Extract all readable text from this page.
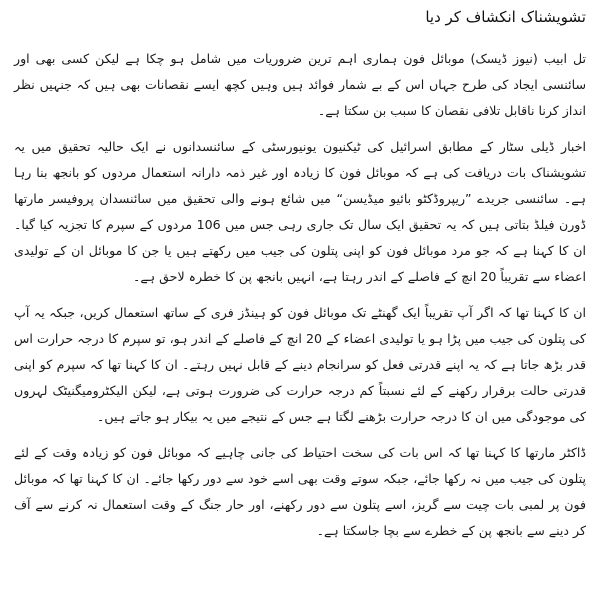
تشویشناک انکشاف کر دیا

تل ابیب (نیوز ڈیسک) موبائل فون ہماری اہم ترین ضروریات میں شامل ہو چکا ہے لیکن کسی بھی اور سائنسی ایجاد کی طرح جہاں اس کے بے شمار فوائد ہیں وہیں کچھ ایسے نقصانات بھی ہیں کہ جنہیں نظر انداز کرنا ناقابل تلافی نقصان کا سبب بن سکتا ہے۔

اخبار ڈیلی سٹار کے مطابق اسرائیل کی ٹیکنیون یونیورسٹی کے سائنسدانوں نے ایک حالیہ تحقیق میں یہ تشویشناک بات دریافت کی ہے کہ موبائل فون کا زیادہ اور غیر ذمہ دارانہ استعمال مردوں کو بانجھ بنا رہا ہے۔ سائنسی جریدے ”ریپروڈکٹو بائیو میڈیسن“ میں شائع ہونے والی تحقیق میں سائنسدان پروفیسر مارتھا ڈورن فیلڈ بتاتی ہیں کہ یہ تحقیق ایک سال تک جاری رہی جس میں 106 مردوں کے سپرم کا تجزیہ کیا گیا۔ ان کا کہنا ہے کہ جو مرد موبائل فون کو اپنی پتلون کی جیب میں رکھتے ہیں یا جن کا موبائل ان کے تولیدی اعضاء سے تقریباً 20 انچ کے فاصلے کے اندر رہتا ہے، انہیں بانجھ پن کا خطرہ لاحق ہے۔

ان کا کہنا تھا کہ اگر آپ تقریباً ایک گھنٹے تک موبائل فون کو ہینڈز فری کے ساتھ استعمال کریں، جبکہ یہ آپ کی پتلون کی جیب میں پڑا ہو یا تولیدی اعضاء کے 20 انچ کے فاصلے کے اندر ہو، تو سپرم کا درجہ حرارت اس قدر بڑھ جاتا ہے کہ یہ اپنے قدرتی فعل کو سرانجام دینے کے قابل نہیں رہتے۔ ان کا کہنا تھا کہ سپرم کو اپنی قدرتی حالت برقرار رکھنے کے لئے نسبتاً کم درجہ حرارت کی ضرورت ہوتی ہے، لیکن الیکٹرومیگنیٹک لہروں کی موجودگی میں ان کا درجہ حرارت بڑھنے لگتا ہے جس کے نتیجے میں یہ بیکار ہو جاتے ہیں۔

ڈاکٹر مارتھا کا کہنا تھا کہ اس بات کی سخت احتیاط کی جانی چاہیے کہ موبائل فون کو زیادہ وقت کے لئے پتلون کی جیب میں نہ رکھا جائے، جبکہ سوتے وقت بھی اسے خود سے دور رکھا جائے۔ ان کا کہنا تھا کہ موبائل فون پر لمبی بات چیت سے گریز، اسے پتلون سے دور رکھنے، اور حار جنگ کے وقت استعمال نہ کرنے سے آف کر دینے سے بانجھ پن کے خطرے سے بچا جاسکتا ہے۔
